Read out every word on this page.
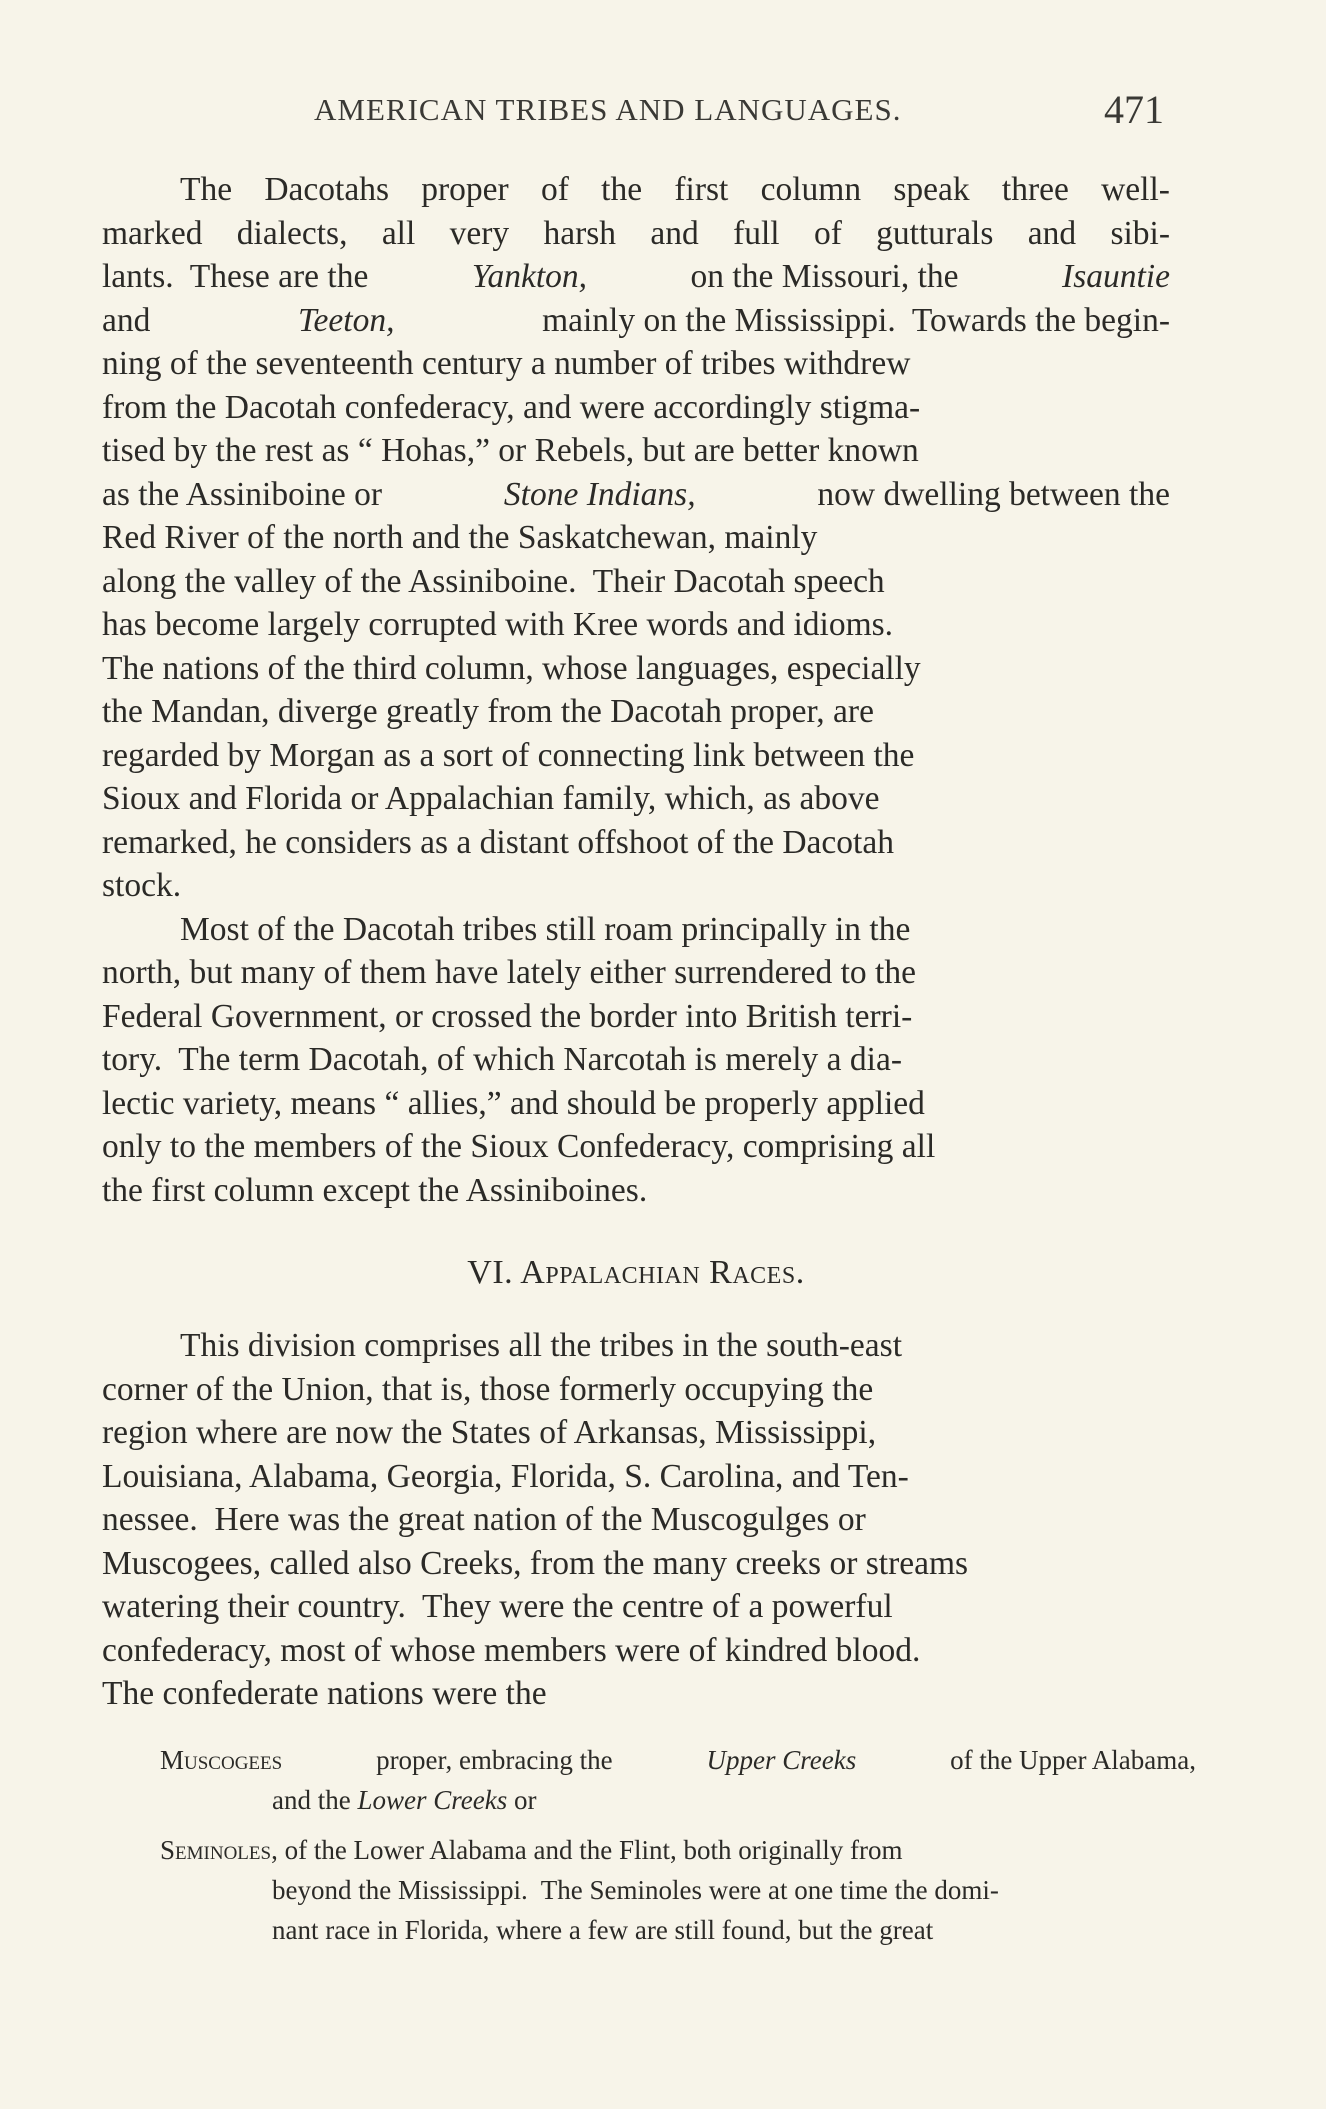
AMERICAN TRIBES AND LANGUAGES.	471
The Dacotahs proper of the first column speak three well-
marked dialects, all very harsh and full of gutturals and sibi-
lants.  These are the	Yankton,	on the Missouri, the	Isauntie
and	Teeton,	mainly on the Mississippi.  Towards the begin-
ning of the seventeenth century a number of tribes withdrew
from the Dacotah confederacy, and were accordingly stigma-
tised by the rest as “ Hohas,” or Rebels, but are better known
as the Assiniboine or	Stone Indians,	now dwelling between the
Red River of the north and the Saskatchewan, mainly
along the valley of the Assiniboine.  Their Dacotah speech
has become largely corrupted with Kree words and idioms.
The nations of the third column, whose languages, especially
the Mandan, diverge greatly from the Dacotah proper, are
regarded by Morgan as a sort of connecting link between the
Sioux and Florida or Appalachian family, which, as above
remarked, he considers as a distant offshoot of the Dacotah
stock.
Most of the Dacotah tribes still roam principally in the
north, but many of them have lately either surrendered to the
Federal Government, or crossed the border into British terri-
tory.  The term Dacotah, of which Narcotah is merely a dia-
lectic variety, means “ allies,” and should be properly applied
only to the members of the Sioux Confederacy, comprising all
the first column except the Assiniboines.
VI. Appalachian Races.
This division comprises all the tribes in the south-east
corner of the Union, that is, those formerly occupying the
region where are now the States of Arkansas, Mississippi,
Louisiana, Alabama, Georgia, Florida, S. Carolina, and Ten-
nessee.  Here was the great nation of the Muscogulges or
Muscogees, called also Creeks, from the many creeks or streams
watering their country.  They were the centre of a powerful
confederacy, most of whose members were of kindred blood.
The confederate nations were the
Muscogees	proper, embracing the	Upper Creeks	of the Upper Alabama,
and the Lower Creeks or
Seminoles , of the Lower Alabama and the Flint, both originally from
beyond the Mississippi.  The Seminoles were at one time the domi-
nant race in Florida, where a few are still found, but the great
